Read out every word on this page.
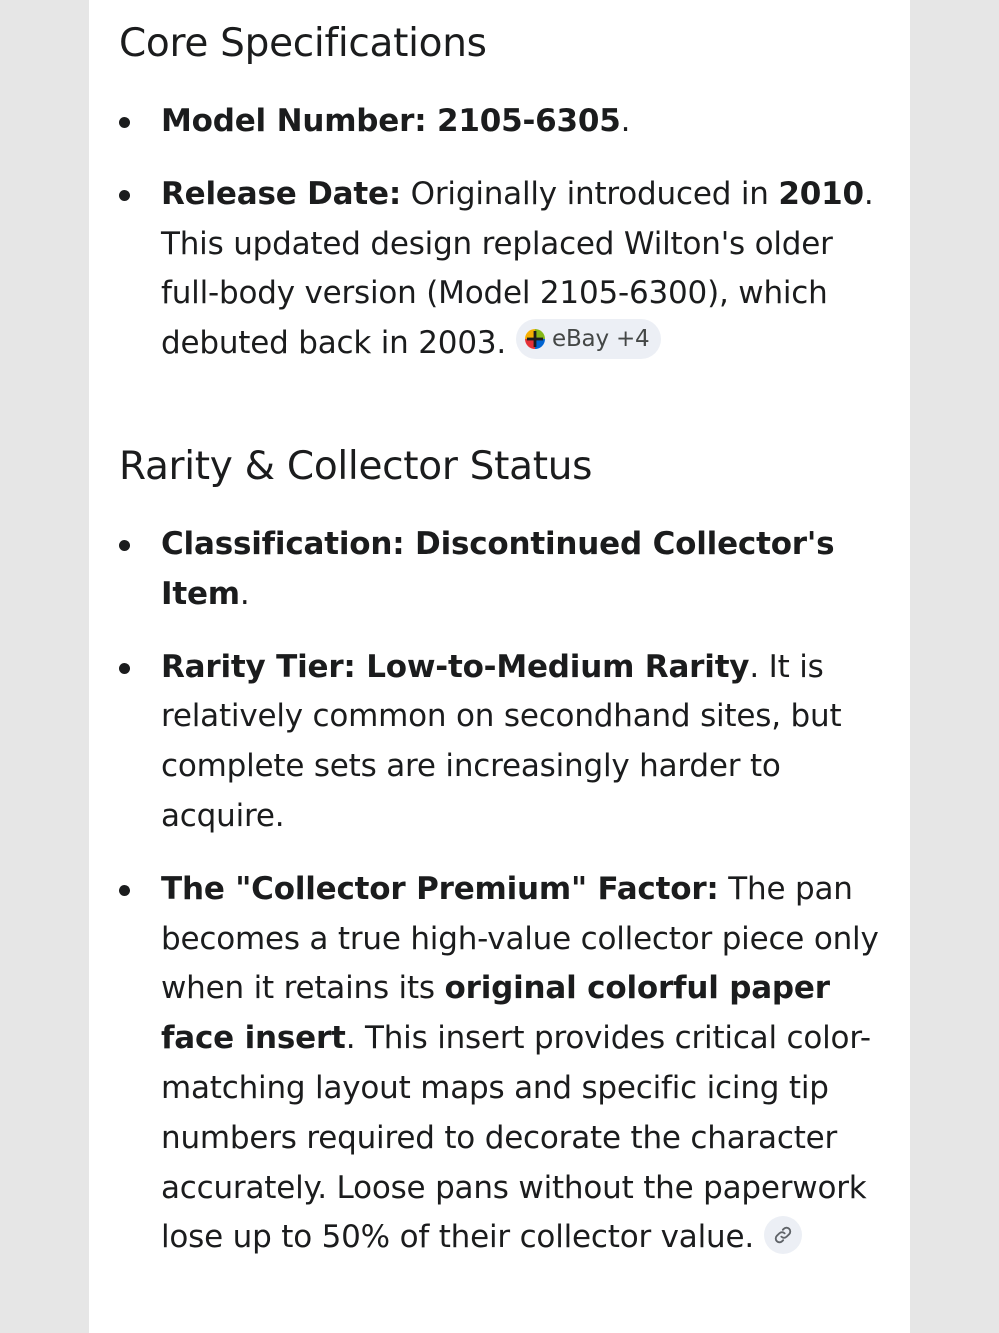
Core Specifications
Model Number: 2105-6305.
Release Date: Originally introduced in 2010. This updated design replaced Wilton's older full-body version (Model 2105-6300), which debuted back in 2003. eBay +4
Rarity & Collector Status
Classification: Discontinued Collector's Item.
Rarity Tier: Low-to-Medium Rarity. It is relatively common on secondhand sites, but complete sets are increasingly harder to acquire.
The "Collector Premium" Factor: The pan becomes a true high-value collector piece only when it retains its original colorful paper face insert. This insert provides critical color-matching layout maps and specific icing tip numbers required to decorate the character accurately. Loose pans without the paperwork lose up to 50% of their collector value.
